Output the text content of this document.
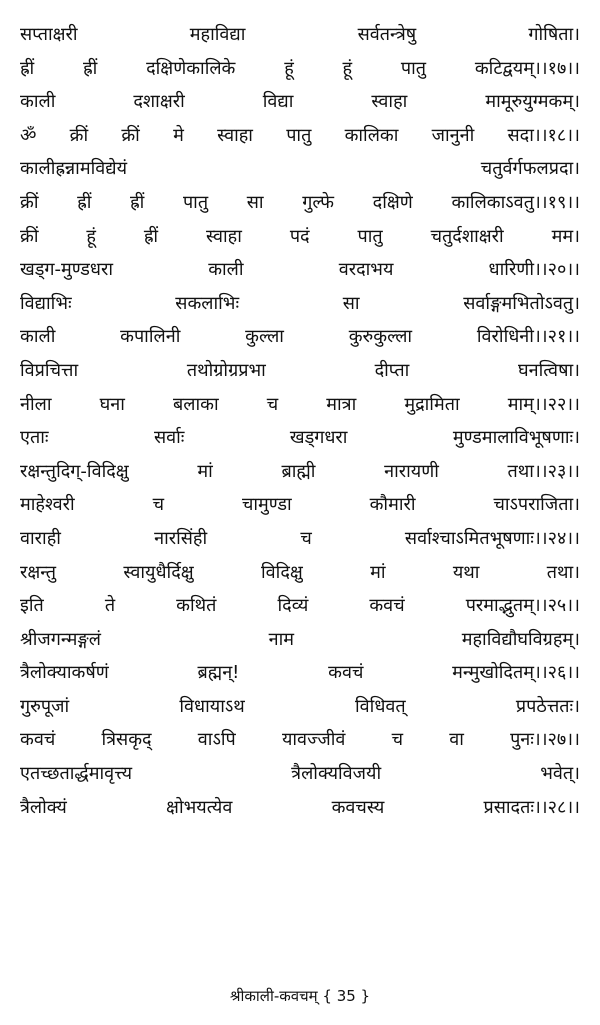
सप्ताक्षरी	महाविद्या	सर्वतन्त्रेषु	गोषिता।
ह्रीं	ह्रीं	दक्षिणेकालिके	हूं	हूं	पातु	कटिद्वयम्।।१७।।
काली	दशाक्षरी	विद्या	स्वाहा	मामूरुयुग्मकम्।
ॐ क्रीं क्रीं मे स्वाहा पातु कालिका जानुनी सदा।।१८।।
कालीह्रन्नामविद्येयं	चतुर्वर्गफलप्रदा।
क्रीं ह्रीं ह्रीं पातु सा गुल्फे दक्षिणे कालिकाऽवतु।।१९।।
क्रीं	हूं	ह्रीं	स्वाहा	पदं	पातु	चतुर्दशाक्षरी	मम।
खड्ग-मुण्डधरा	काली	वरदाभय	धारिणी।।२०।।
विद्याभिः	सकलाभिः	सा	सर्वाङ्गमभितोऽवतु।
काली	कपालिनी	कुल्ला	कुरुकुल्ला	विरोधिनी।।२१।।
विप्रचित्ता	तथोग्रोग्रप्रभा	दीप्ता	घनत्विषा।
नीला	घना	बलाका	च	मात्रा	मुद्रामिता	माम्।।२२।।
एताः	सर्वाः	खड्गधरा	मुण्डमालाविभूषणाः।
रक्षन्तुदिग्-विदिक्षु	मां	ब्राह्मी	नारायणी	तथा।।२३।।
माहेश्वरी	च	चामुण्डा	कौमारी	चाऽपराजिता।
वाराही	नारसिंही	च	सर्वाश्चाऽमितभूषणाः।।२४।।
रक्षन्तु	स्वायुधैर्दिक्षु	विदिक्षु	मां	यथा	तथा।
इति	ते	कथितं	दिव्यं	कवचं	परमाद्भुतम्।।२५।।
श्रीजगन्मङ्गलं	नाम	महाविद्यौघविग्रहम्।
त्रैलोक्याकर्षणं	ब्रह्मन्!	कवचं	मन्मुखोदितम्।।२६।।
गुरुपूजां	विधायाऽथ	विधिवत्	प्रपठेत्ततः।
कवचं	त्रिसकृद्	वाऽपि	यावज्जीवं	च	वा	पुनः।।२७।।
एतच्छतार्द्धमावृत्त्य	त्रैलोक्यविजयी	भवेत्।
त्रैलोक्यं	क्षोभयत्येव	कवचस्य	प्रसादतः।।२८।।
श्रीकाली-कवचम् { 35 }
